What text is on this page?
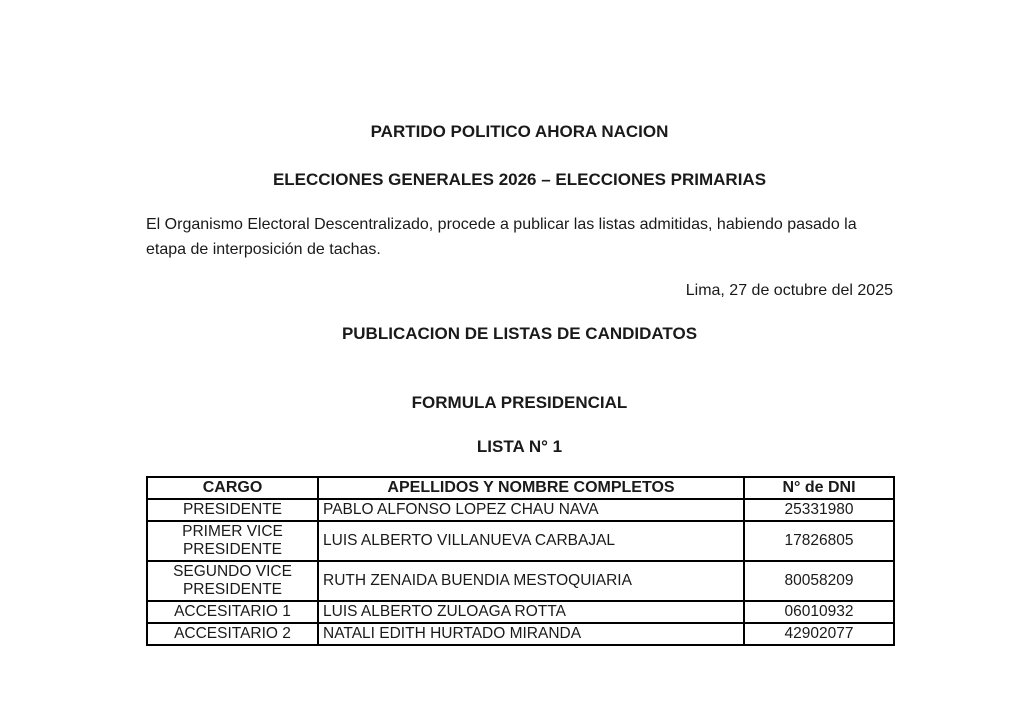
PARTIDO POLITICO AHORA NACION

ELECCIONES GENERALES 2026 – ELECCIONES PRIMARIAS

El Organismo Electoral Descentralizado, procede a publicar las listas admitidas, habiendo pasado la etapa de interposición de tachas.

Lima, 27 de octubre del 2025

PUBLICACION DE LISTAS DE CANDIDATOS

FORMULA PRESIDENCIAL

LISTA N° 1

CARGO	APELLIDOS Y NOMBRE COMPLETOS	N° de DNI
PRESIDENTE	PABLO ALFONSO LOPEZ CHAU NAVA	25331980
PRIMER VICE PRESIDENTE	LUIS ALBERTO VILLANUEVA CARBAJAL	17826805
SEGUNDO VICE PRESIDENTE	RUTH ZENAIDA BUENDIA MESTOQUIARIA	80058209
ACCESITARIO 1	LUIS ALBERTO ZULOAGA ROTTA	06010932
ACCESITARIO 2	NATALI EDITH HURTADO MIRANDA	42902077
